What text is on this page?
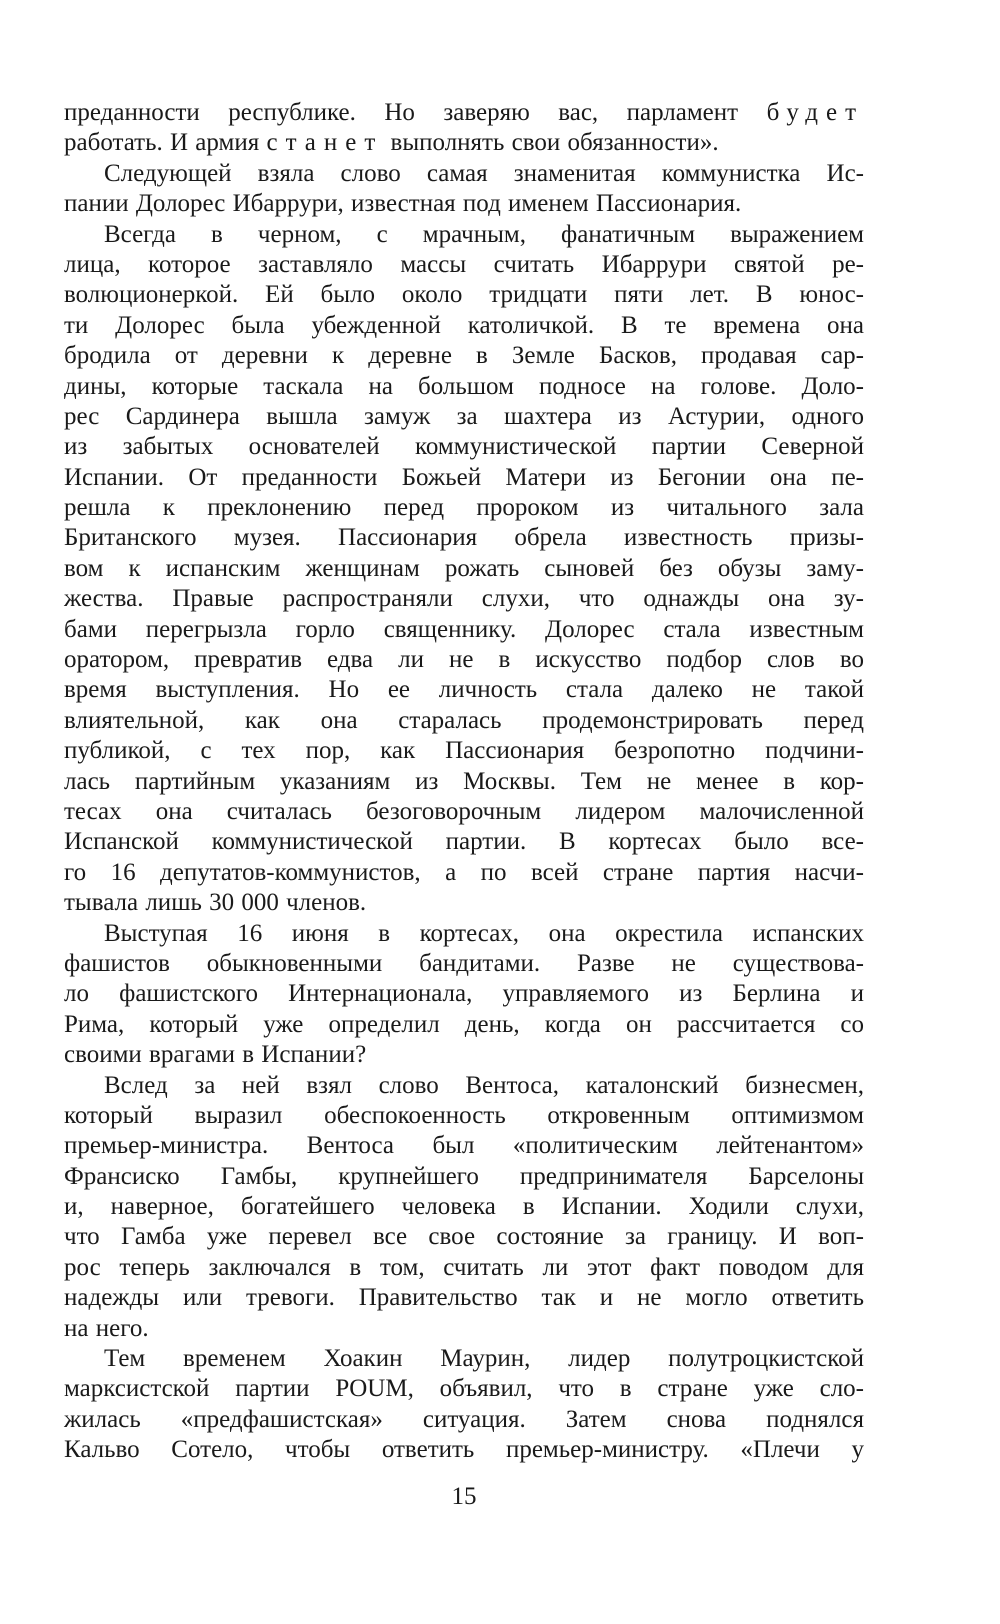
преданности республике. Но заверяю вас, парламент будет
работать. И армия станет выполнять свои обязанности».
Следующей взяла слово самая знаменитая коммунистка Ис-
пании Долорес Ибаррури, известная под именем Пассионария.
Всегда в черном, с мрачным, фанатичным выражением
лица, которое заставляло массы считать Ибаррури святой ре-
волюционеркой. Ей было около тридцати пяти лет. В юнос-
ти Долорес была убежденной католичкой. В те времена она
бродила от деревни к деревне в Земле Басков, продавая сар-
дины, которые таскала на большом подносе на голове. Доло-
рес Сардинера вышла замуж за шахтера из Астурии, одного
из забытых основателей коммунистической партии Северной
Испании. От преданности Божьей Матери из Бегонии она пе-
решла к преклонению перед пророком из читального зала
Британского музея. Пассионария обрела известность призы-
вом к испанским женщинам рожать сыновей без обузы заму-
жества. Правые распространяли слухи, что однажды она зу-
бами перегрызла горло священнику. Долорес стала известным
оратором, превратив едва ли не в искусство подбор слов во
время выступления. Но ее личность стала далеко не такой
влиятельной, как она старалась продемонстрировать перед
публикой, с тех пор, как Пассионария безропотно подчини-
лась партийным указаниям из Москвы. Тем не менее в кор-
тесах она считалась безоговорочным лидером малочисленной
Испанской коммунистической партии. В кортесах было все-
го 16 депутатов-коммунистов, а по всей стране партия насчи-
тывала лишь 30 000 членов.
Выступая 16 июня в кортесах, она окрестила испанских
фашистов обыкновенными бандитами. Разве не существова-
ло фашистского Интернационала, управляемого из Берлина и
Рима, который уже определил день, когда он рассчитается со
своими врагами в Испании?
Вслед за ней взял слово Вентоса, каталонский бизнесмен,
который выразил обеспокоенность откровенным оптимизмом
премьер-министра. Вентоса был «политическим лейтенантом»
Франсиско Гамбы, крупнейшего предпринимателя Барселоны
и, наверное, богатейшего человека в Испании. Ходили слухи,
что Гамба уже перевел все свое состояние за границу. И воп-
рос теперь заключался в том, считать ли этот факт поводом для
надежды или тревоги. Правительство так и не могло ответить
на него.
Тем временем Хоакин Маурин, лидер полутроцкистской
марксистской партии POUM, объявил, что в стране уже сло-
жилась «предфашистская» ситуация. Затем снова поднялся
Кальво Сотело, чтобы ответить премьер-министру. «Плечи у
15
